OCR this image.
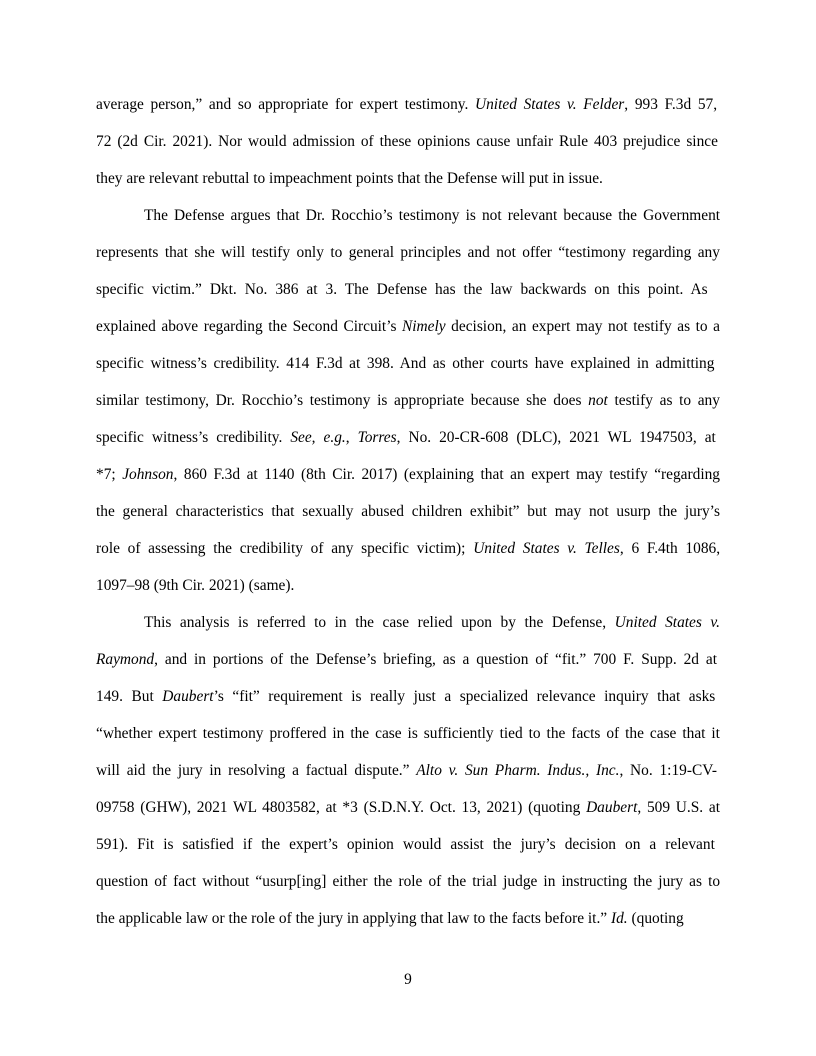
average person,” and so appropriate for expert testimony. United States v. Felder, 993 F.3d 57,
72 (2d Cir. 2021). Nor would admission of these opinions cause unfair Rule 403 prejudice since
they are relevant rebuttal to impeachment points that the Defense will put in issue.
The Defense argues that Dr. Rocchio’s testimony is not relevant because the Government
represents that she will testify only to general principles and not offer “testimony regarding any
specific victim.” Dkt. No. 386 at 3. The Defense has the law backwards on this point. As
explained above regarding the Second Circuit’s Nimely decision, an expert may not testify as to a
specific witness’s credibility. 414 F.3d at 398. And as other courts have explained in admitting
similar testimony, Dr. Rocchio’s testimony is appropriate because she does not testify as to any
specific witness’s credibility. See, e.g., Torres, No. 20-CR-608 (DLC), 2021 WL 1947503, at
*7; Johnson, 860 F.3d at 1140 (8th Cir. 2017) (explaining that an expert may testify “regarding
the general characteristics that sexually abused children exhibit” but may not usurp the jury’s
role of assessing the credibility of any specific victim); United States v. Telles, 6 F.4th 1086,
1097–98 (9th Cir. 2021) (same).
This analysis is referred to in the case relied upon by the Defense, United States v.
Raymond, and in portions of the Defense’s briefing, as a question of “fit.” 700 F. Supp. 2d at
149. But Daubert’s “fit” requirement is really just a specialized relevance inquiry that asks
“whether expert testimony proffered in the case is sufficiently tied to the facts of the case that it
will aid the jury in resolving a factual dispute.” Alto v. Sun Pharm. Indus., Inc., No. 1:19-CV-
09758 (GHW), 2021 WL 4803582, at *3 (S.D.N.Y. Oct. 13, 2021) (quoting Daubert, 509 U.S. at
591). Fit is satisfied if the expert’s opinion would assist the jury’s decision on a relevant
question of fact without “usurp[ing] either the role of the trial judge in instructing the jury as to
the applicable law or the role of the jury in applying that law to the facts before it.” Id. (quoting
9
